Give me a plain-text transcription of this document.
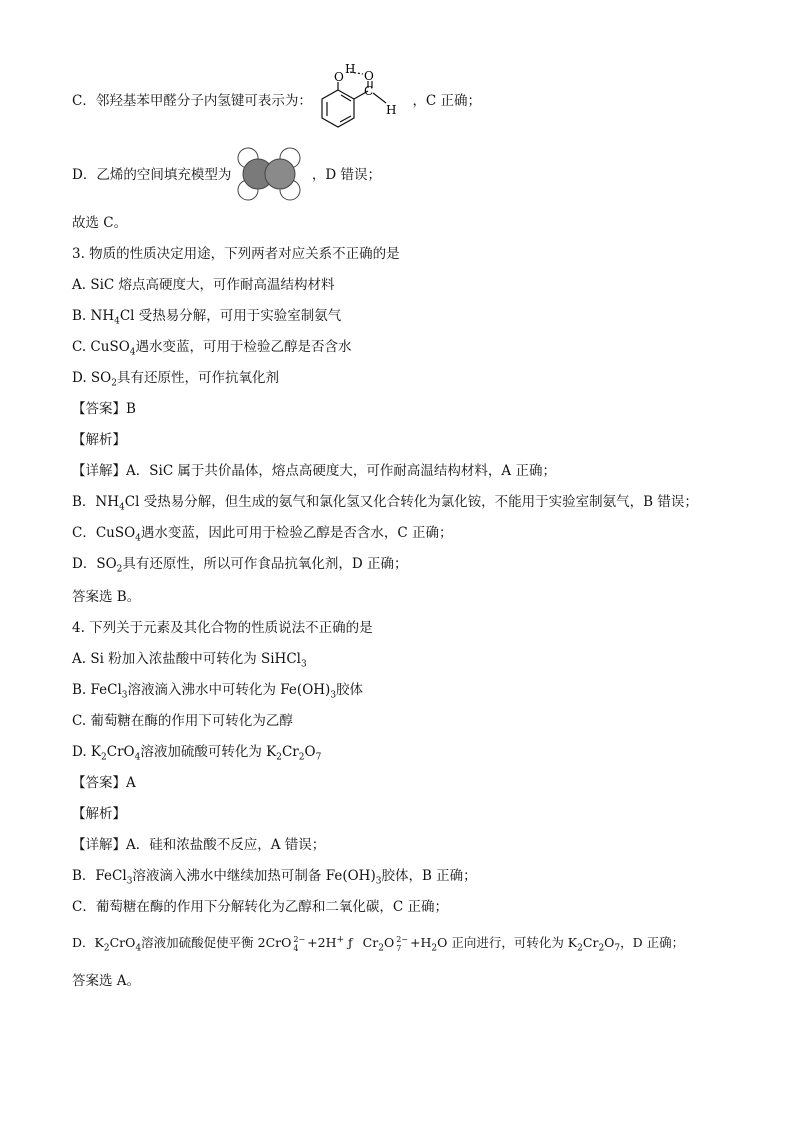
C．邻羟基苯甲醛分子内氢键可表示为：	，C 正确；
O
H O
C
H
D．乙烯的空间填充模型为	，D 错误；
故选 C。
3. 物质的性质决定用途，下列两者对应关系不正确的是
A. SiC 熔点高硬度大，可作耐高温结构材料
B. $NH_4Cl$ 受热易分解，可用于实验室制氨气
C. CuSO$_4$遇水变蓝，可用于检验乙醇是否含水
D. $SO_2$具有还原性，可作抗氧化剂
【答案】B
【解析】
【详解】A．SiC 属于共价晶体，熔点高硬度大，可作耐高温结构材料，A 正确；
B．$NH_4Cl$ 受热易分解，但生成的氨气和氯化氢又化合转化为氯化铵，不能用于实验室制氨气，B 错误；
C．CuSO$_4$遇水变蓝，因此可用于检验乙醇是否含水，C 正确；
D．$SO_2$具有还原性，所以可作食品抗氧化剂，D 正确；
答案选 B。
4. 下列关于元素及其化合物的性质说法不正确的是
A. Si 粉加入浓盐酸中可转化为 SiHCl$_3$
B. FeCl$_3$溶液滴入沸水中可转化为 $Fe(OH)_3$胶体
C. 葡萄糖在酶的作用下可转化为乙醇
D. $K_2CrO_4$溶液加硫酸可转化为 $K_2Cr_2O_7$
【答案】A
【解析】
【详解】A．硅和浓盐酸不反应，A 错误；
B．FeCl$_3$溶液滴入沸水中继续加热可制备 $Fe(OH)_3$胶体，B 正确；
C．葡萄糖在酶的作用下分解转化为乙醇和二氧化碳，C 正确；
D．$K_2CrO_4$溶液加硫酸促使平衡 2CrO 2−
4 +2H+ ƒ $Cr_2O$ 2−
$7 +H_2O$ 正向进行，可转化为 $K_2Cr_2O_7$，D 正确；
答案选 A。
